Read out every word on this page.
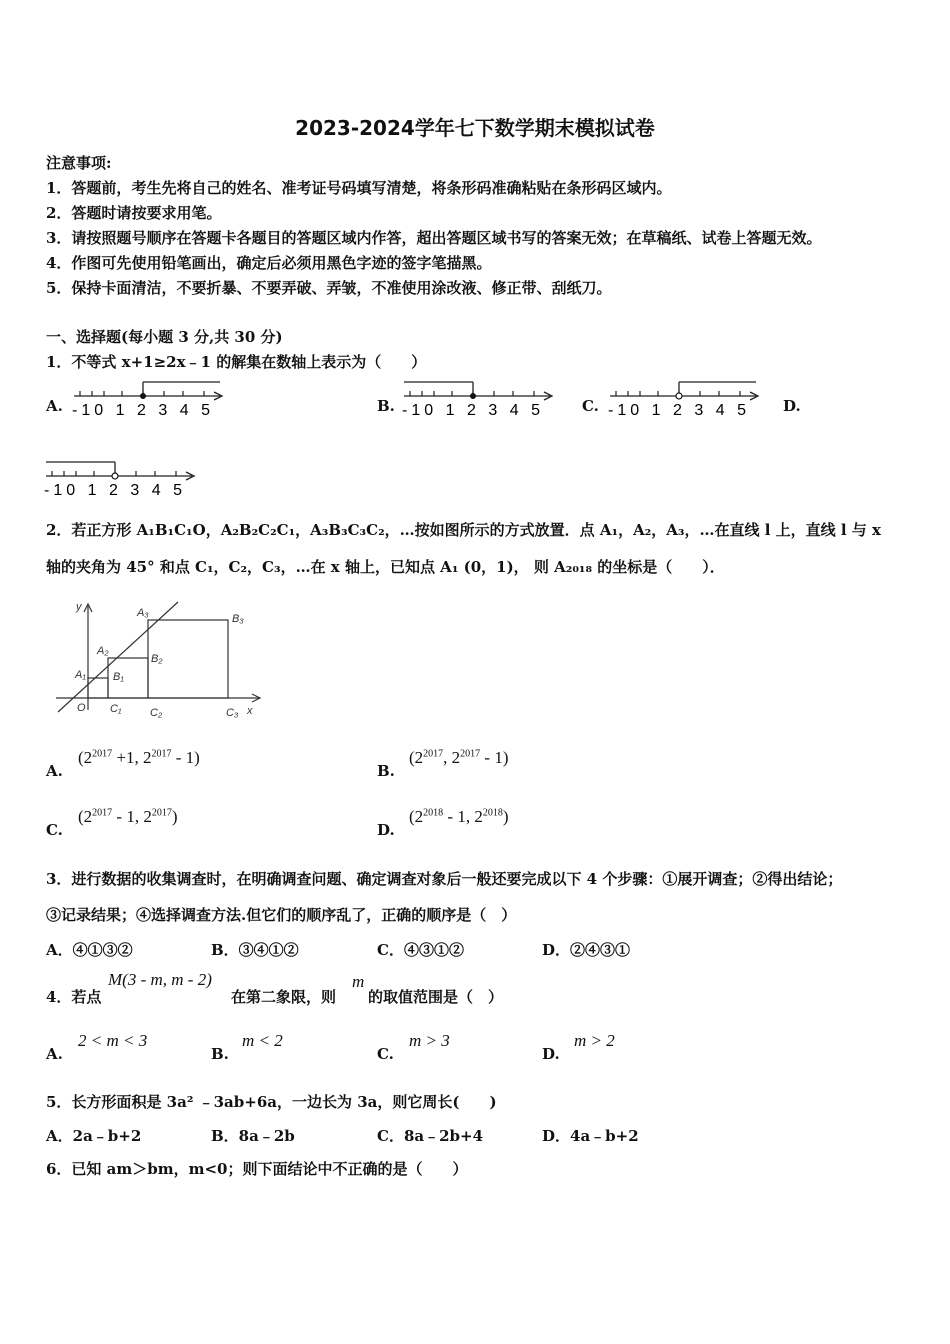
2023-2024学年七下数学期末模拟试卷
注意事项:
1．答题前，考生先将自己的姓名、准考证号码填写清楚，将条形码准确粘贴在条形码区域内。
2．答题时请按要求用笔。
3．请按照题号顺序在答题卡各题目的答题区域内作答，超出答题区域书写的答案无效；在草稿纸、试卷上答题无效。
4．作图可先使用铅笔画出，确定后必须用黑色字迹的签字笔描黑。
5．保持卡面清洁，不要折暴、不要弄破、弄皱，不准使用涂改液、修正带、刮纸刀。
一、选择题(每小题 3 分,共 30 分)
1．不等式 x+1≥2x﹣1 的解集在数轴上表示为（　　）
A. -10 1 2 3 4 5	B. -10 1 2 3 4 5	C. -10 1 2 3 4 5 D.
-10 1 2 3 4 5
2．若正方形 A₁B₁C₁O，A₂B₂C₂C₁，A₃B₃C₃C₂，…按如图所示的方式放置．点 A₁，A₂，A₃，…在直线 l 上，直线 l 与 x
轴的夹角为 45° 和点 C₁，C₂，C₃，…在 x 轴上，已知点 A₁ (0，1)， 则 A₂₀₁₈ 的坐标是（　　）．
y
x
O
A₁
A₂
A₃
B₁
B₂
B₃
C₁	C₂	C₃
A.
($2^{2017} +1$, $2^{2017} - 1$)
B.
($2^{2017}$, $2^{2017} - 1$)
C.
($2^{2017} - 1$, $2^{2017}$)
D.
($2^{2018} - 1$, $2^{2018}$)
3．进行数据的收集调查时，在明确调查问题、确定调查对象后一般还要完成以下 4 个步骤：①展开调查；②得出结论；
③记录结果；④选择调查方法.但它们的顺序乱了，正确的顺序是（　）
A．④①③②	B．③④①②	C．④③①②	D．②④③①
4．若点
M(3 - m, m - 2)
在第二象限，则
m
的取值范围是（　）
A.
2 < m < 3
B.
m < 2
C.
m > 3
D.
m > 2
5．长方形面积是 3a² ﹣3ab+6a，一边长为 3a，则它周长(　　)
A．2a﹣b+2	B．8a﹣2b	C．8a﹣2b+4	D．4a﹣b+2
6．已知 am＞bm，m<0；则下面结论中不正确的是（　　）
